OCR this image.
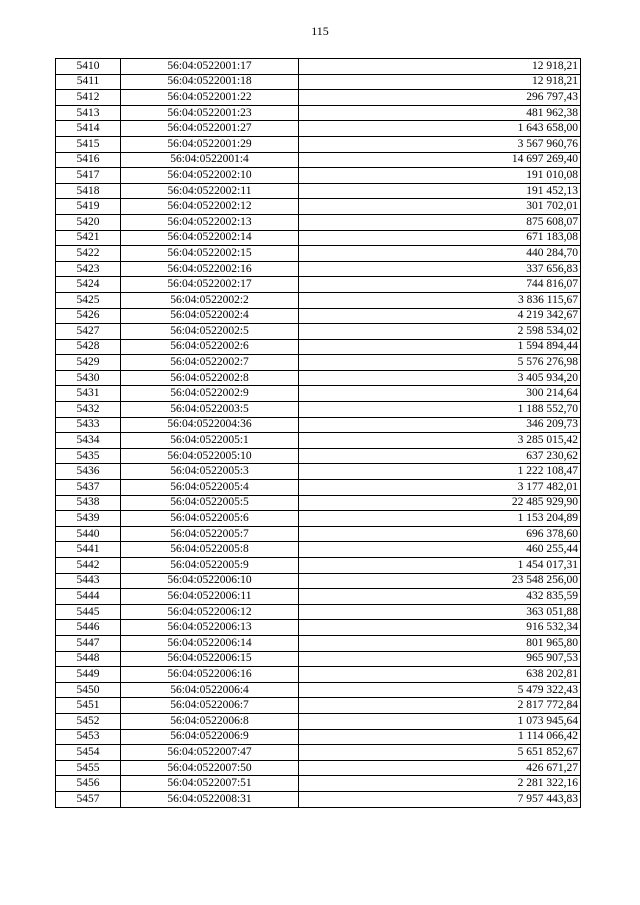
115
5410	56:04:0522001:17	12 918,21
5411	56:04:0522001:18	12 918,21
5412	56:04:0522001:22	296 797,43
5413	56:04:0522001:23	481 962,38
5414	56:04:0522001:27	1 643 658,00
5415	56:04:0522001:29	3 567 960,76
5416	56:04:0522001:4	14 697 269,40
5417	56:04:0522002:10	191 010,08
5418	56:04:0522002:11	191 452,13
5419	56:04:0522002:12	301 702,01
5420	56:04:0522002:13	875 608,07
5421	56:04:0522002:14	671 183,08
5422	56:04:0522002:15	440 284,70
5423	56:04:0522002:16	337 656,83
5424	56:04:0522002:17	744 816,07
5425	56:04:0522002:2	3 836 115,67
5426	56:04:0522002:4	4 219 342,67
5427	56:04:0522002:5	2 598 534,02
5428	56:04:0522002:6	1 594 894,44
5429	56:04:0522002:7	5 576 276,98
5430	56:04:0522002:8	3 405 934,20
5431	56:04:0522002:9	300 214,64
5432	56:04:0522003:5	1 188 552,70
5433	56:04:0522004:36	346 209,73
5434	56:04:0522005:1	3 285 015,42
5435	56:04:0522005:10	637 230,62
5436	56:04:0522005:3	1 222 108,47
5437	56:04:0522005:4	3 177 482,01
5438	56:04:0522005:5	22 485 929,90
5439	56:04:0522005:6	1 153 204,89
5440	56:04:0522005:7	696 378,60
5441	56:04:0522005:8	460 255,44
5442	56:04:0522005:9	1 454 017,31
5443	56:04:0522006:10	23 548 256,00
5444	56:04:0522006:11	432 835,59
5445	56:04:0522006:12	363 051,88
5446	56:04:0522006:13	916 532,34
5447	56:04:0522006:14	801 965,80
5448	56:04:0522006:15	965 907,53
5449	56:04:0522006:16	638 202,81
5450	56:04:0522006:4	5 479 322,43
5451	56:04:0522006:7	2 817 772,84
5452	56:04:0522006:8	1 073 945,64
5453	56:04:0522006:9	1 114 066,42
5454	56:04:0522007:47	5 651 852,67
5455	56:04:0522007:50	426 671,27
5456	56:04:0522007:51	2 281 322,16
5457	56:04:0522008:31	7 957 443,83
